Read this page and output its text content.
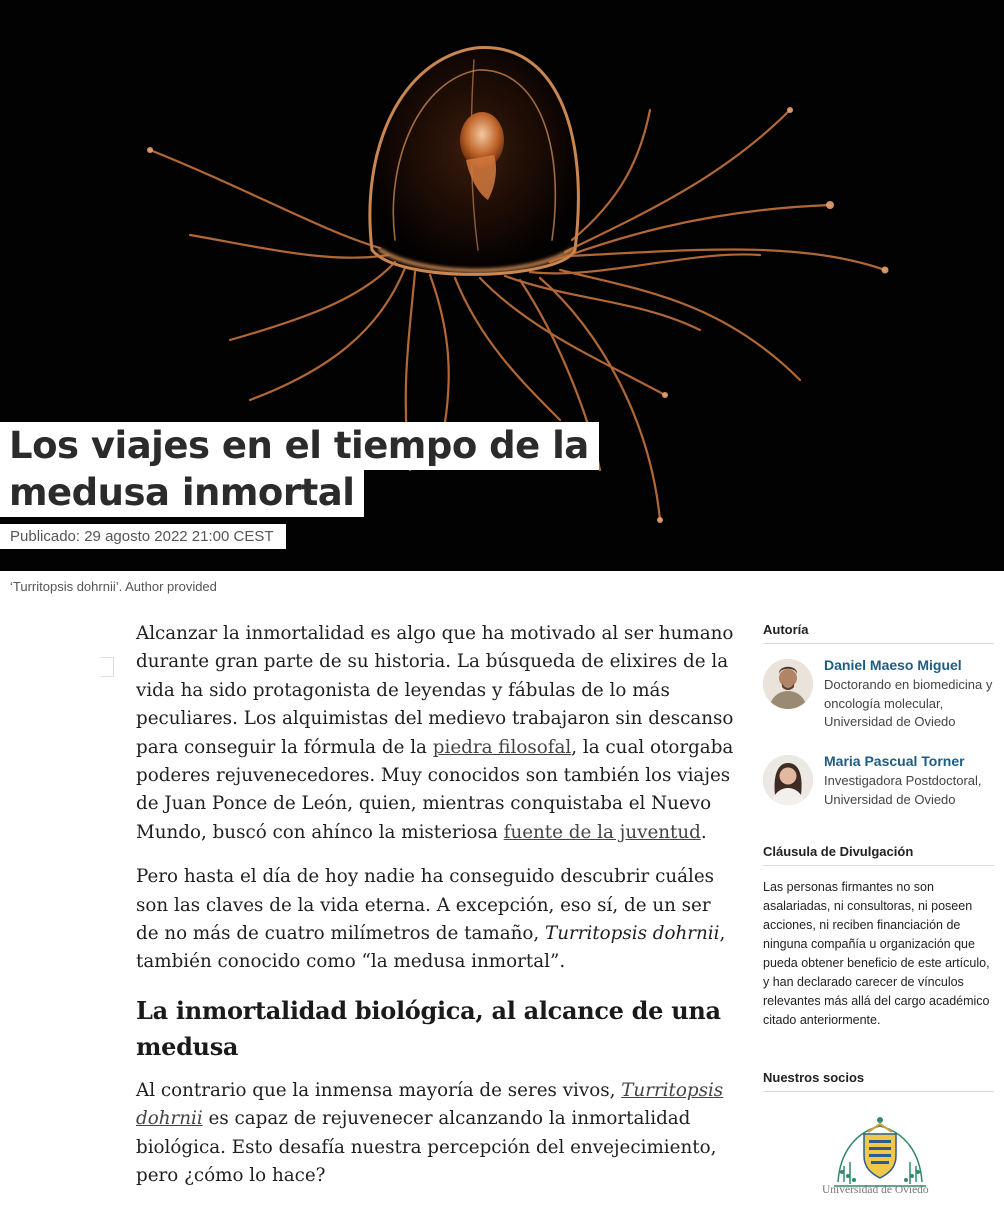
Los viajes en el tiempo de la
medusa inmortal
Publicado: 29 agosto 2022 21:00 CEST
‘Turritopsis dohrnii’. Author provided

Alcanzar la inmortalidad es algo que ha motivado al ser humano durante gran parte de su historia. La búsqueda de elixires de la vida ha sido protagonista de leyendas y fábulas de lo más peculiares. Los alquimistas del medievo trabajaron sin descanso para conseguir la fórmula de la piedra filosofal, la cual otorgaba poderes rejuvenecedores. Muy conocidos son también los viajes de Juan Ponce de León, quien, mientras conquistaba el Nuevo Mundo, buscó con ahínco la misteriosa fuente de la juventud.

Pero hasta el día de hoy nadie ha conseguido descubrir cuáles son las claves de la vida eterna. A excepción, eso sí, de un ser de no más de cuatro milímetros de tamaño, Turritopsis dohrnii, también conocido como “la medusa inmortal”.

La inmortalidad biológica, al alcance de una medusa

Al contrario que la inmensa mayoría de seres vivos, Turritopsis dohrnii es capaz de rejuvenecer alcanzando la inmortalidad biológica. Esto desafía nuestra percepción del envejecimiento, pero ¿cómo lo hace?

Autoría
Daniel Maeso Miguel
Doctorando en biomedicina y oncología molecular, Universidad de Oviedo
Maria Pascual Torner
Investigadora Postdoctoral, Universidad de Oviedo
Cláusula de Divulgación
Las personas firmantes no son asalariadas, ni consultoras, ni poseen acciones, ni reciben financiación de ninguna compañía u organización que pueda obtener beneficio de este artículo, y han declarado carecer de vínculos relevantes más allá del cargo académico citado anteriormente.
Nuestros socios
Universidad de Oviedo
